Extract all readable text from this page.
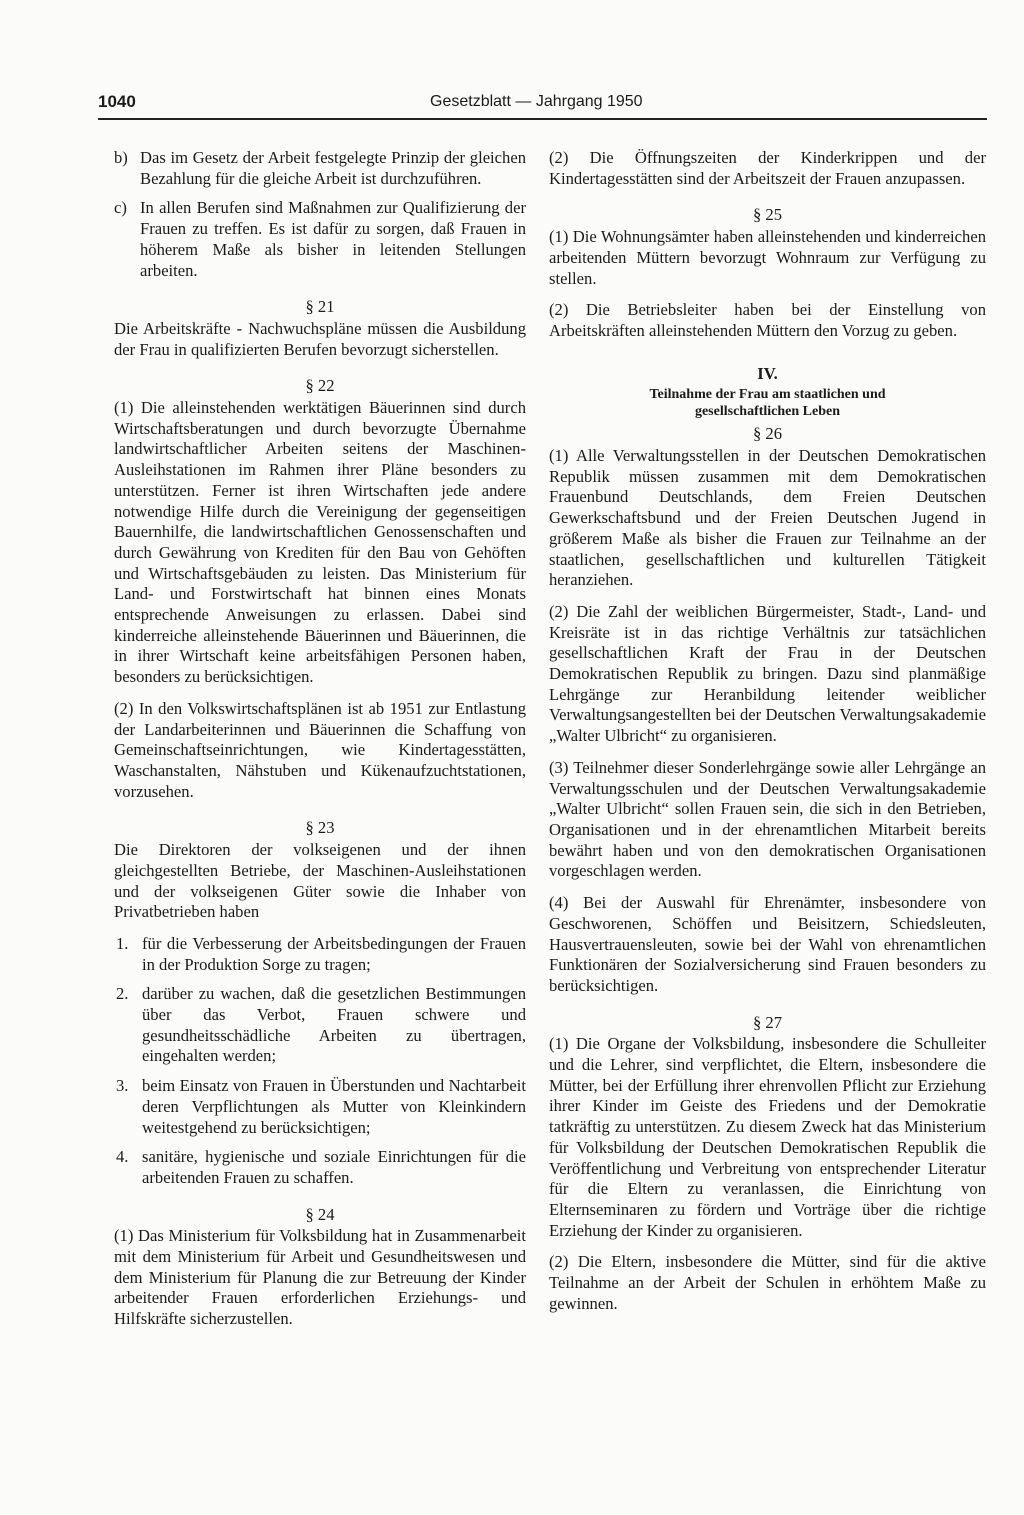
1040	Gesetzblatt — Jahrgang 1950
b) Das im Gesetz der Arbeit festgelegte Prinzip der gleichen Bezahlung für die gleiche Arbeit ist durchzuführen.
c) In allen Berufen sind Maßnahmen zur Qualifizierung der Frauen zu treffen. Es ist dafür zu sorgen, daß Frauen in höherem Maße als bisher in leitenden Stellungen arbeiten.
§ 21

Die Arbeitskräfte - Nachwuchspläne müssen die Ausbildung der Frau in qualifizierten Berufen bevorzugt sicherstellen.

§ 22

(1) Die alleinstehenden werktätigen Bäuerinnen sind durch Wirtschaftsberatungen und durch bevorzugte Übernahme landwirtschaftlicher Arbeiten seitens der Maschinen-Ausleihstationen im Rahmen ihrer Pläne besonders zu unterstützen. Ferner ist ihren Wirtschaften jede andere notwendige Hilfe durch die Vereinigung der gegenseitigen Bauernhilfe, die landwirtschaftlichen Genossenschaften und durch Gewährung von Krediten für den Bau von Gehöften und Wirtschaftsgebäuden zu leisten. Das Ministerium für Land- und Forstwirtschaft hat binnen eines Monats entsprechende Anweisungen zu erlassen. Dabei sind kinderreiche alleinstehende Bäuerinnen und Bäuerinnen, die in ihrer Wirtschaft keine arbeitsfähigen Personen haben, besonders zu berücksichtigen.

(2) In den Volkswirtschaftsplänen ist ab 1951 zur Entlastung der Landarbeiterinnen und Bäuerinnen die Schaffung von Gemeinschaftseinrichtungen, wie Kindertagesstätten, Waschanstalten, Nähstuben und Kükenaufzuchtstationen, vorzusehen.

§ 23

Die Direktoren der volkseigenen und der ihnen gleichgestellten Betriebe, der Maschinen-Ausleihstationen und der volkseigenen Güter sowie die Inhaber von Privatbetrieben haben

1. für die Verbesserung der Arbeitsbedingungen der Frauen in der Produktion Sorge zu tragen;
2. darüber zu wachen, daß die gesetzlichen Bestimmungen über das Verbot, Frauen schwere und gesundheitsschädliche Arbeiten zu übertragen, eingehalten werden;
3. beim Einsatz von Frauen in Überstunden und Nachtarbeit deren Verpflichtungen als Mutter von Kleinkindern weitestgehend zu berücksichtigen;
4. sanitäre, hygienische und soziale Einrichtungen für die arbeitenden Frauen zu schaffen.
§ 24

(1) Das Ministerium für Volksbildung hat in Zusammenarbeit mit dem Ministerium für Arbeit und Gesundheitswesen und dem Ministerium für Planung die zur Betreuung der Kinder arbeitender Frauen erforderlichen Erziehungs- und Hilfskräfte sicherzustellen.

(2) Die Öffnungszeiten der Kinderkrippen und der Kindertagesstätten sind der Arbeitszeit der Frauen anzupassen.

§ 25

(1) Die Wohnungsämter haben alleinstehenden und kinderreichen arbeitenden Müttern bevorzugt Wohnraum zur Verfügung zu stellen.

(2) Die Betriebsleiter haben bei der Einstellung von Arbeitskräften alleinstehenden Müttern den Vorzug zu geben.

IV.
Teilnahme der Frau am staatlichen und
gesellschaftlichen Leben
§ 26

(1) Alle Verwaltungsstellen in der Deutschen Demokratischen Republik müssen zusammen mit dem Demokratischen Frauenbund Deutschlands, dem Freien Deutschen Gewerkschaftsbund und der Freien Deutschen Jugend in größerem Maße als bisher die Frauen zur Teilnahme an der staatlichen, gesellschaftlichen und kulturellen Tätigkeit heranziehen.

(2) Die Zahl der weiblichen Bürgermeister, Stadt-, Land- und Kreisräte ist in das richtige Verhältnis zur tatsächlichen gesellschaftlichen Kraft der Frau in der Deutschen Demokratischen Republik zu bringen. Dazu sind planmäßige Lehrgänge zur Heranbildung leitender weiblicher Verwaltungsangestellten bei der Deutschen Verwaltungsakademie „Walter Ulbricht“ zu organisieren.

(3) Teilnehmer dieser Sonderlehrgänge sowie aller Lehrgänge an Verwaltungsschulen und der Deutschen Verwaltungsakademie „Walter Ulbricht“ sollen Frauen sein, die sich in den Betrieben, Organisationen und in der ehrenamtlichen Mitarbeit bereits bewährt haben und von den demokratischen Organisationen vorgeschlagen werden.

(4) Bei der Auswahl für Ehrenämter, insbesondere von Geschworenen, Schöffen und Beisitzern, Schiedsleuten, Hausvertrauensleuten, sowie bei der Wahl von ehrenamtlichen Funktionären der Sozialversicherung sind Frauen besonders zu berücksichtigen.

§ 27

(1) Die Organe der Volksbildung, insbesondere die Schulleiter und die Lehrer, sind verpflichtet, die Eltern, insbesondere die Mütter, bei der Erfüllung ihrer ehrenvollen Pflicht zur Erziehung ihrer Kinder im Geiste des Friedens und der Demokratie tatkräftig zu unterstützen. Zu diesem Zweck hat das Ministerium für Volksbildung der Deutschen Demokratischen Republik die Veröffentlichung und Verbreitung von entsprechender Literatur für die Eltern zu veranlassen, die Einrichtung von Elternseminaren zu fördern und Vorträge über die richtige Erziehung der Kinder zu organisieren.

(2) Die Eltern, insbesondere die Mütter, sind für die aktive Teilnahme an der Arbeit der Schulen in erhöhtem Maße zu gewinnen.
